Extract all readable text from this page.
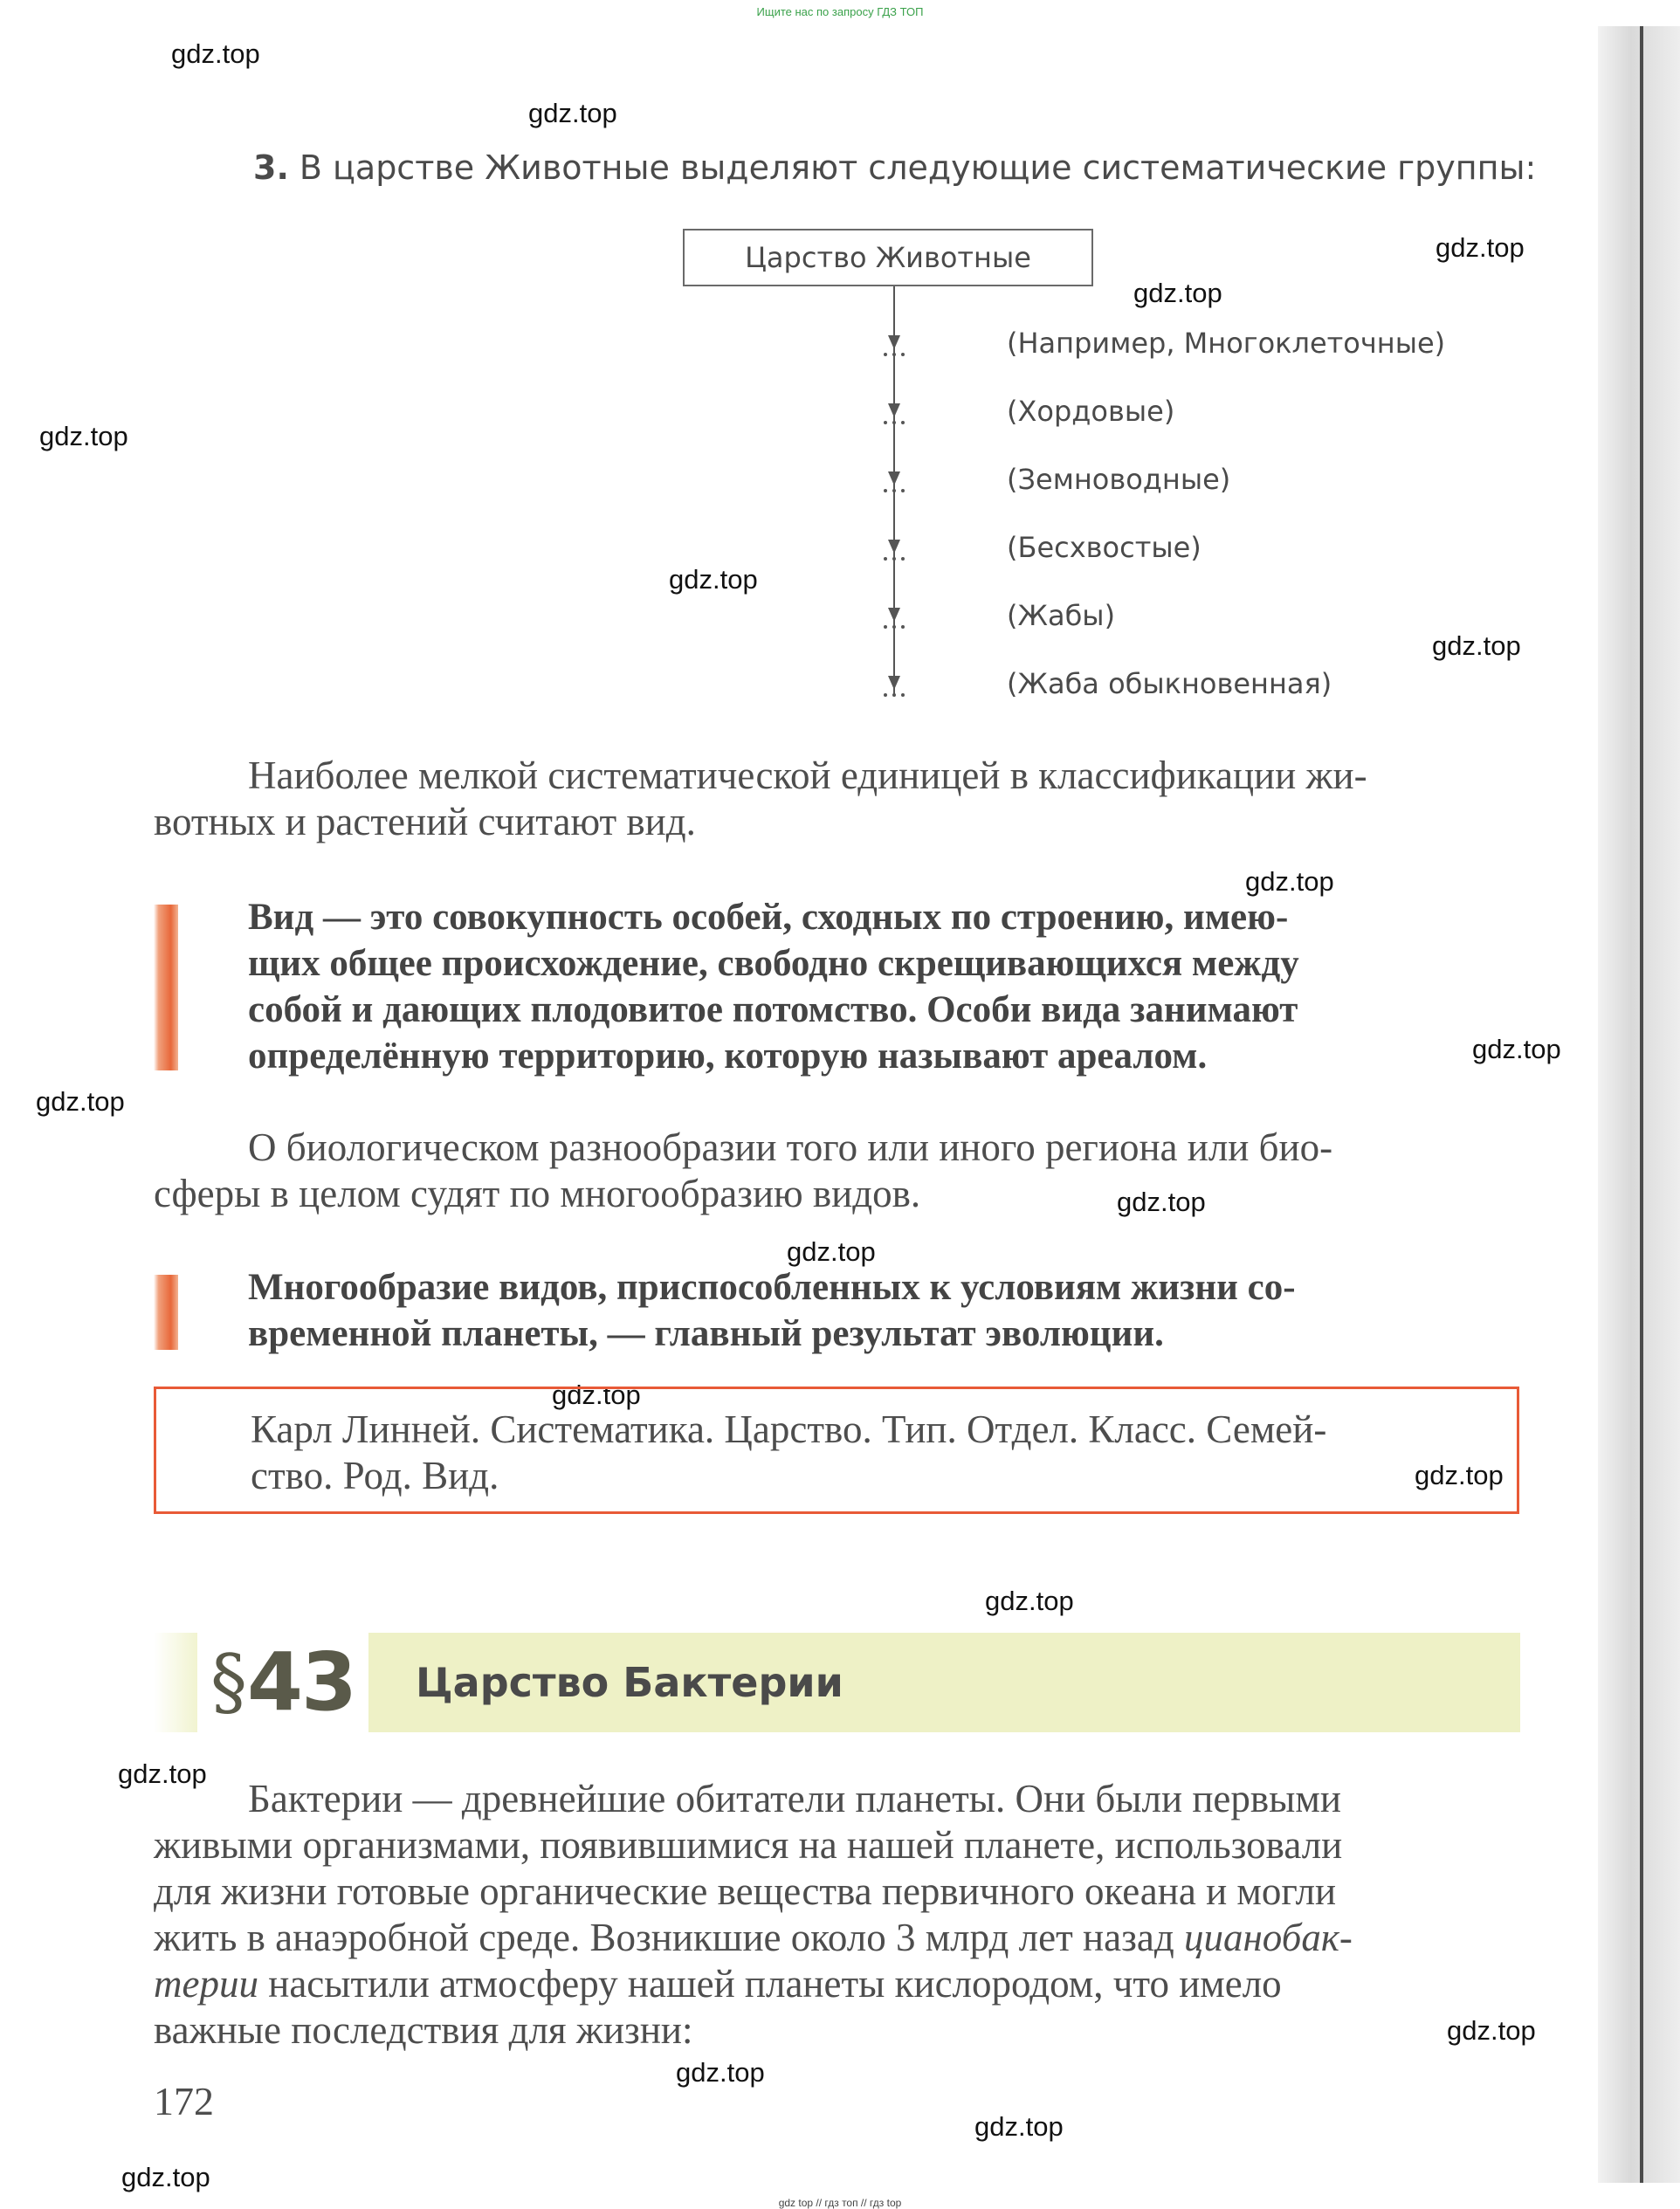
Ищите нас по запросу ГДЗ ТОП
gdz.top
gdz.top
gdz.top
gdz.top
gdz.top
gdz.top
gdz.top
gdz.top
gdz.top
gdz.top
gdz.top
gdz.top
gdz.top
gdz.top
gdz.top
gdz.top
gdz.top
gdz.top
gdz.top
gdz.top
3. В царстве Животные выделяют следующие систематические группы:
Царство Животные
(Например, Многоклеточные)
(Хордовые)
(Земноводные)
(Бесхвостые)
(Жабы)
(Жаба обыкновенная)
Наиболее мелкой систематической единицей в классификации жи-
вотных и растений считают вид.
Вид — это совокупность особей, сходных по строению, имею-
щих общее происхождение, свободно скрещивающихся между
собой и дающих плодовитое потомство. Особи вида занимают
определённую территорию, которую называют ареалом.
О биологическом разнообразии того или иного региона или био-
сферы в целом судят по многообразию видов.
Многообразие видов, приспособленных к условиям жизни со-
временной планеты, — главный результат эволюции.
Карл Линней. Систематика. Царство. Тип. Отдел. Класс. Семей-
ство. Род. Вид.
§ 43 Царство Бактерии
Бактерии — древнейшие обитатели планеты. Они были первыми
живыми организмами, появившимися на нашей планете, использовали
для жизни готовые органические вещества первичного океана и могли
жить в анаэробной среде. Возникшие около 3 млрд лет назад цианобак-
терии насытили атмосферу нашей планеты кислородом, что имело
важные последствия для жизни:
172
gdz top // гдз топ // гдз top
